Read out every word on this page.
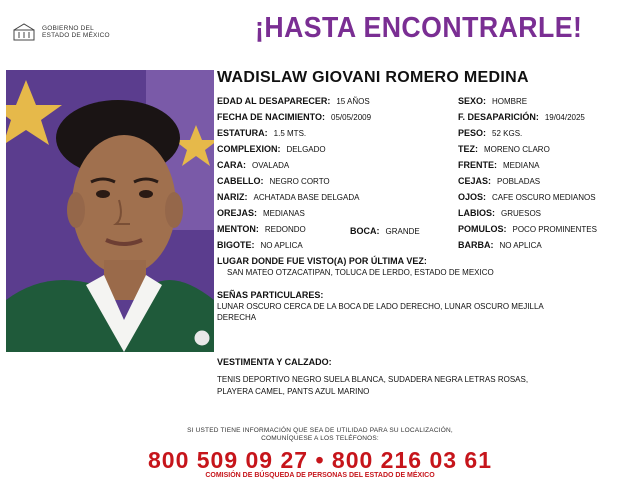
GOBIERNO DEL
ESTADO DE MÉXICO	¡HASTA ENCONTRARLE!
WADISLAW GIOVANI ROMERO MEDINA
EDAD AL DESAPARECER: 15 AÑOS
FECHA DE NACIMIENTO: 05/05/2009
ESTATURA: 1.5 MTS.
COMPLEXION: DELGADO
CARA: OVALADA
CABELLO: NEGRO CORTO
NARIZ: ACHATADA BASE DELGADA
OREJAS: MEDIANAS
MENTON: REDONDO	BOCA: GRANDE
BIGOTE: NO APLICA
SEXO: HOMBRE
F. DESAPARICIÓN: 19/04/2025
PESO: 52 KGS.
TEZ: MORENO CLARO
FRENTE: MEDIANA
CEJAS: POBLADAS
OJOS: CAFE OSCURO MEDIANOS
LABIOS: GRUESOS
POMULOS: POCO PROMINENTES
BARBA: NO APLICA
LUGAR DONDE FUE VISTO(A) POR ÚLTIMA VEZ:
SAN MATEO OTZACATIPAN, TOLUCA DE LERDO, ESTADO DE MEXICO
SEÑAS PARTICULARES:
LUNAR OSCURO CERCA DE LA BOCA DE LADO DERECHO, LUNAR OSCURO MEJILLA
DERECHA
VESTIMENTA Y CALZADO:
TENIS DEPORTIVO NEGRO SUELA BLANCA, SUDADERA NEGRA LETRAS ROSAS,
PLAYERA CAMEL, PANTS AZUL MARINO
SI USTED TIENE INFORMACIÓN QUE SEA DE UTILIDAD PARA SU LOCALIZACIÓN,
COMUNÍQUESE A LOS TELÉFONOS:
800 509 09 27 • 800 216 03 61
COMISIÓN DE BÚSQUEDA DE PERSONAS DEL ESTADO DE MÉXICO
